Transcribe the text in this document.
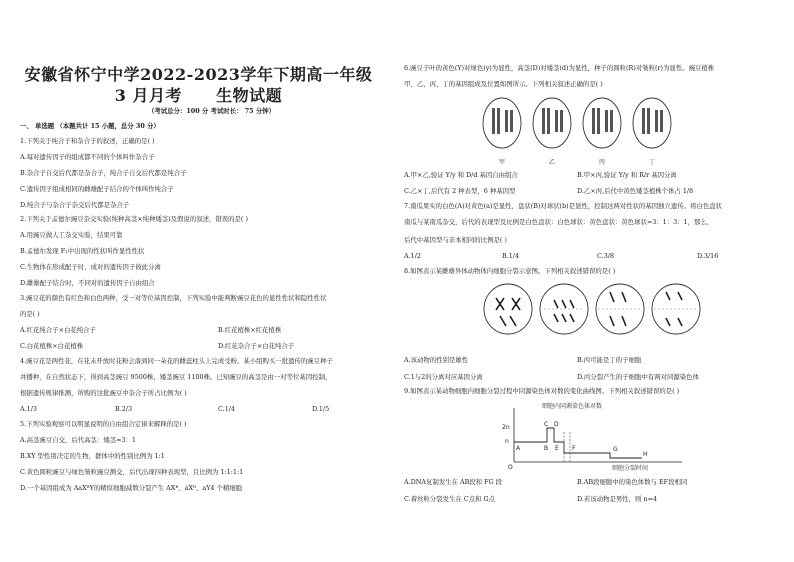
安徽省怀宁中学2022-2023学年下期高一年级
3 月月考 生物试题
（考试总分：100 分 考试时长： 75 分钟）
一、 单选题 （本题共计 15 小题，总分 30 分）
1.下列关于纯合子和杂合子的叙述，正确的是( )
A.每对遗传因子的组成都不同的个体叫作杂合子
B.杂合子自交后代都是杂合子，纯合子自交后代都是纯合子
C.遗传因子组成相同的雌雄配子结合的个体叫作纯合子
D.纯合子与杂合子杂交后代都是杂合子
2.下列关于孟德尔豌豆杂交实验(纯种高茎×纯种矮茎)及假说的叙述，错误的是( )
A.用豌豆做人工杂交实验，结果可靠
B.孟德尔发现 F₁中出现的性状叫作显性性状
C.生物体在形成配子时，成对的遗传因子彼此分离
D.雌雄配子结合时，不同对的遗传因子自由组合
3.豌豆花的颜色有红色和白色两种，受一对等位基因控制，下列实验中能判断豌豆花色的显性性状和隐性性状
的是( )
A.红花纯合子×白花纯合子	B.红花植株×红花植株
C.白花植株×白花植株	D.红花杂合子×白花纯合子
4.豌豆花是两性花，在花未开放时花粉会落到同一朵花的雌蕊柱头上完成受粉。某小组购买一批遗传的豌豆种子
并播种，在自然状态下，得到高茎豌豆 9500株，矮茎豌豆 1100株。已知豌豆的高茎是由一对等位基因控制，
根据遗传规律推测，所购的这批豌豆中杂合子所占比例为( )
A.1/3	B.2/3	C.1/4	D.1/5
5.下列实验观察可以明显说明的自由组合定律来解释的是( )
A.高茎豌豆自交，后代高茎：矮茎=3：1
B.XY 型性别决定的生物，群体中的性别比例为 1:1
C.黄色圆粒豌豆与绿色皱粒豌豆测交，后代出现四种表现型，且比例为 1:1:1:1
D.一个基因组成为 AaXᴮY的精原细胞减数分裂产生 AXᴮ、aXᴮ、aY4 个精细胞
6.豌豆子叶的黄色(Y)对绿色(y)为显性，高茎(D)对矮茎(d)为显性，种子的圆粒(R)对皱粒(r)为显性。豌豆植株
甲、乙、丙、丁的基因组成及位置如图所示。下列相关叙述正确的是( )
甲	乙	丙	丁
A.甲×乙,验证 Y/y 和 D/d 基因自由组合	B.甲×丙,验证 Y/y 和 R/r 基因分离
C.乙×丁,后代有 2 种表型，6 种基因型	D.乙×丙,后代中黄色矮茎植株个体占 1/8
7.南瓜果实的白色(A)对黄色(a)是显性，盘状(B)对球状(b)是显性，控制这两对性状的基因独立遗传。将白色盘状
南瓜与某南瓜杂交，后代的表现型及比例是白色盘状：白色球状：黄色盘状：黄色球状=3：1：3：1，那么，
后代中基因型与亲本相同的比例是( )
A.1/2	B.1/4	C.3/8	D.3/16
8.如图表示某雌雄异体动物体内细胞分裂示意图。下列相关叙述错误的是( )
A.该动物的性别是雄性	B.丙可能是丁的子细胞
C.1与2的分离对应基因分离	D.丙分裂产生的子细胞中有两对同源染色体
9.如图表示某动物细胞内细胞分裂过程中同源染色体对数的变化曲线图。下列相关叙述错误的是( )
细胞内同源染色体对数
2n
n
O
A	B
C D
E F	G
H
细胞分裂时间
A.DNA复制发生在 AB段和 FG 段	B.AB段细胞中的染色体数与 EF段相同
C.着丝粒分裂发生在 C点和 G点	D.若该动物是男性，则 n=4
